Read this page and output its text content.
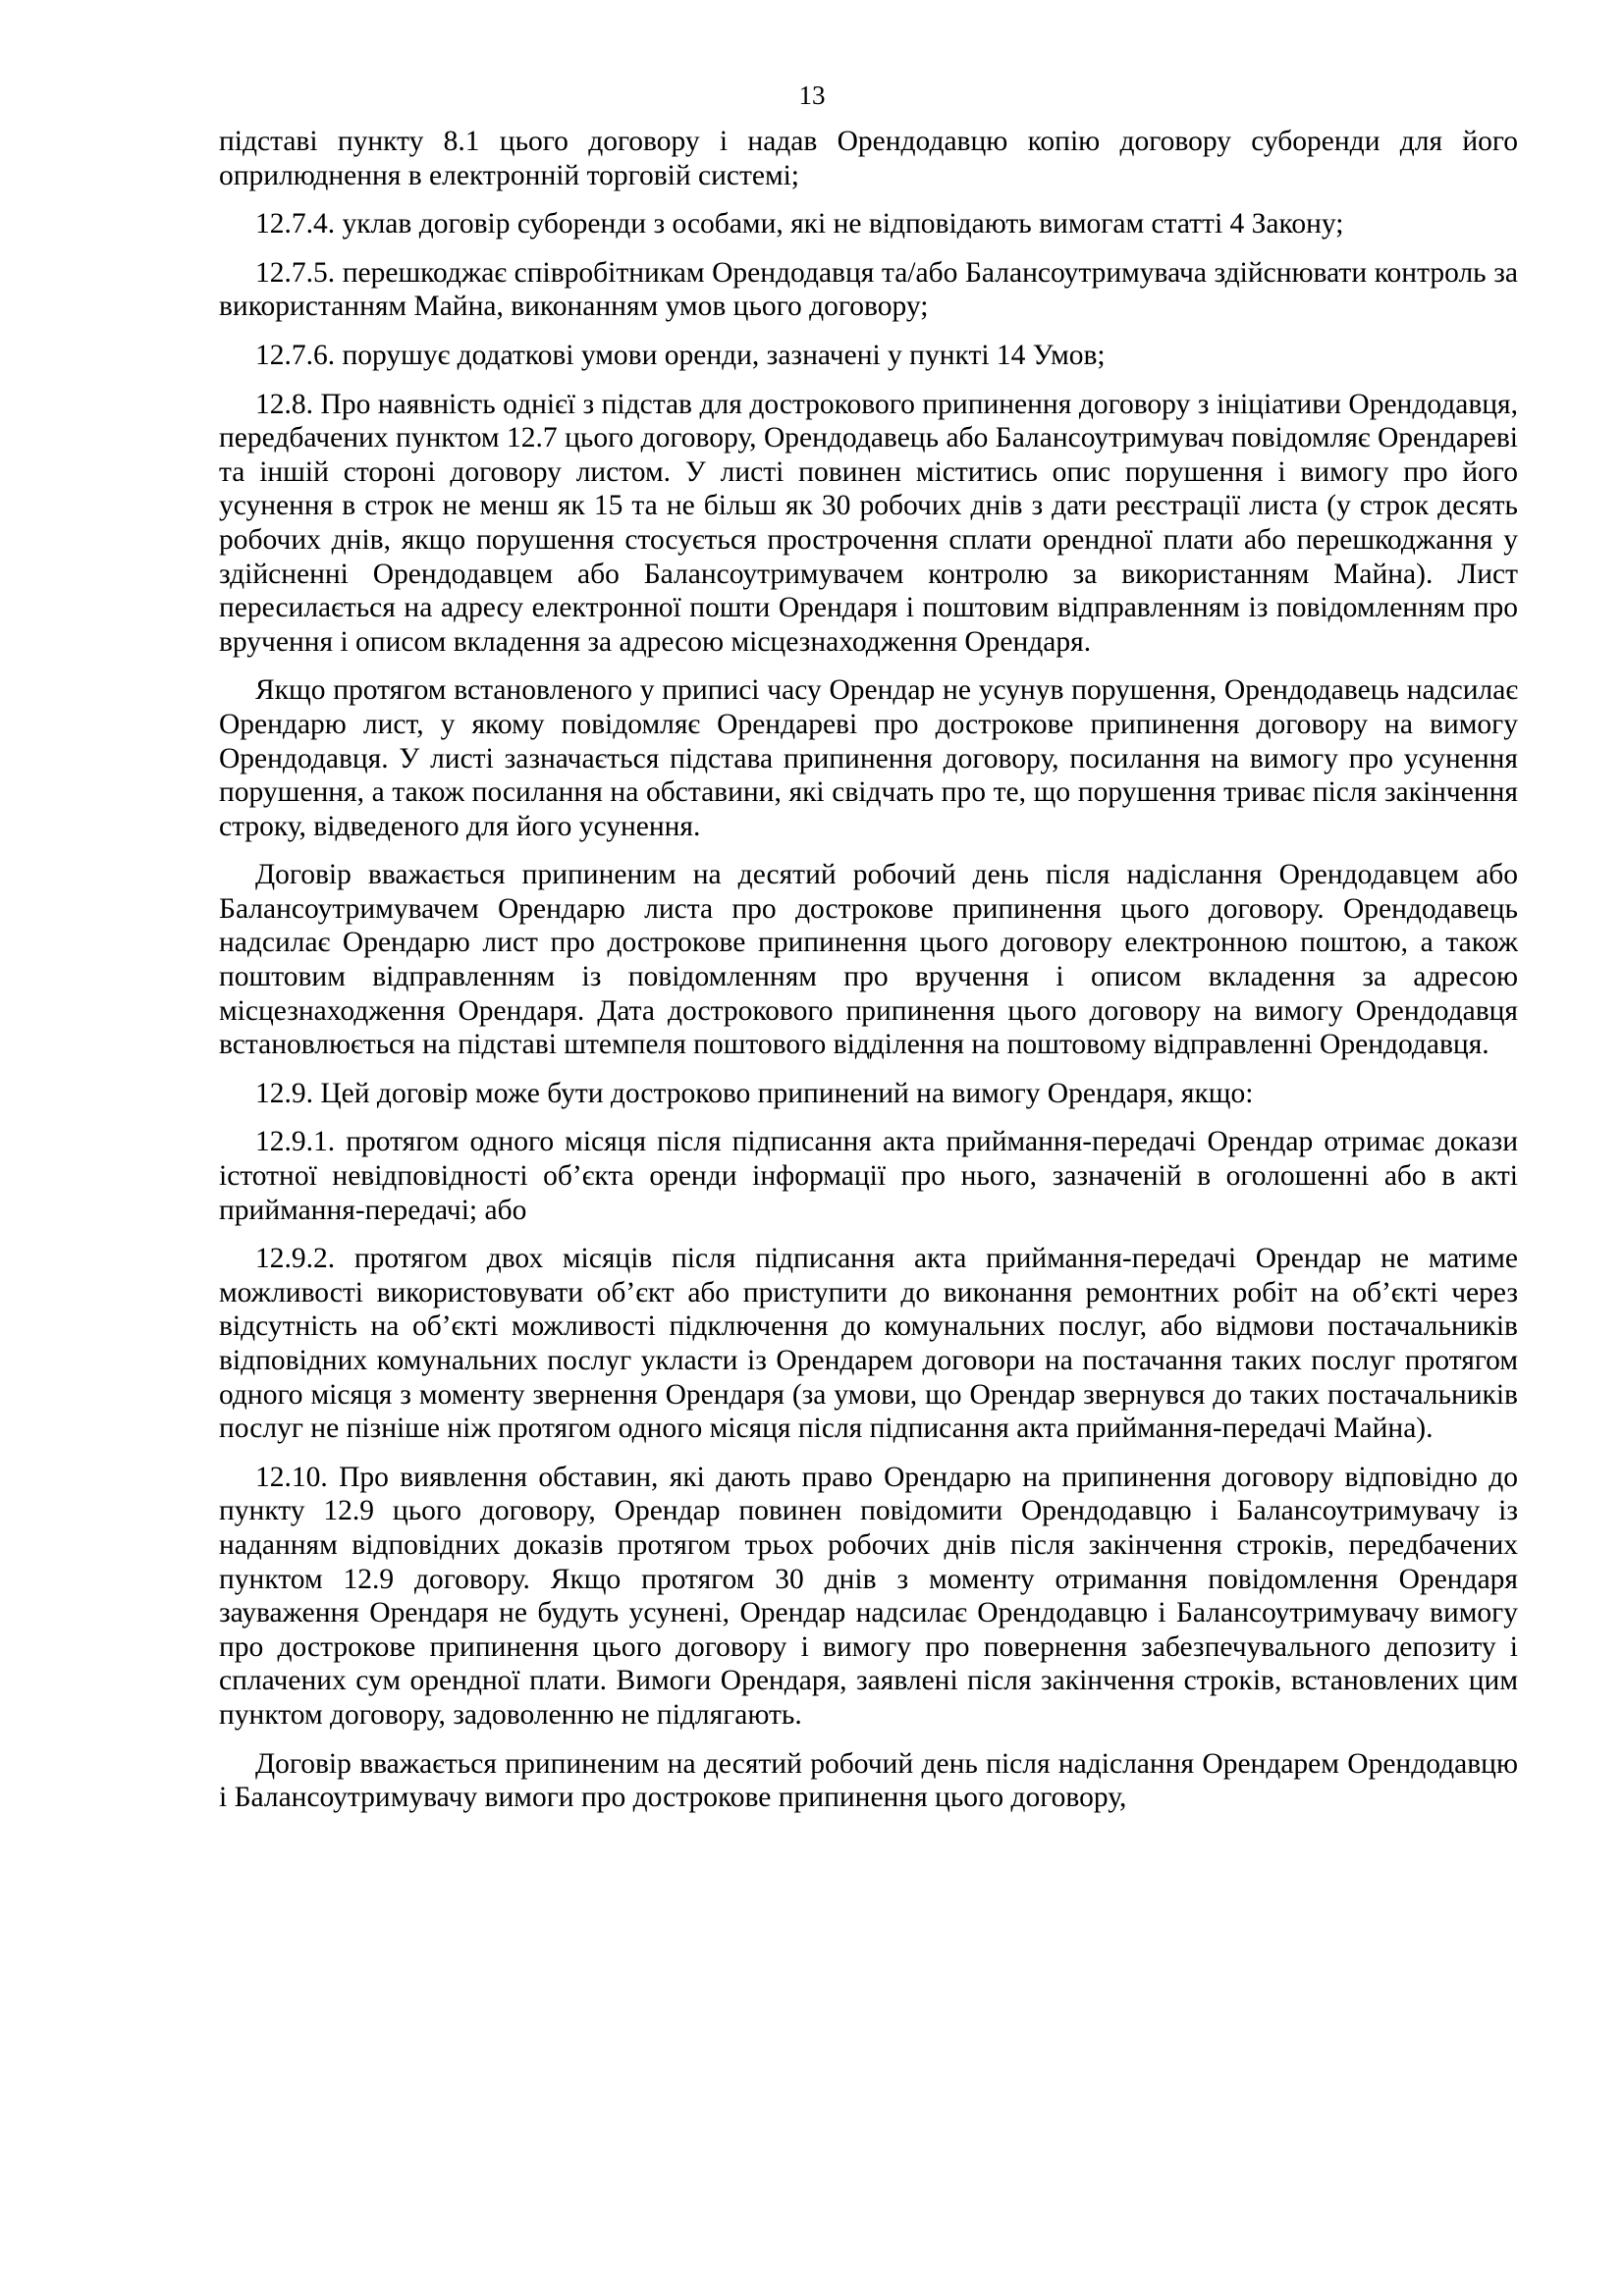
13

підставі пункту 8.1 цього договору і надав Орендодавцю копію договору суборенди для його оприлюднення в електронній торговій системі;

12.7.4. уклав договір суборенди з особами, які не відповідають вимогам статті 4 Закону;

12.7.5. перешкоджає співробітникам Орендодавця та/або Балансоутримувача здійснювати контроль за використанням Майна, виконанням умов цього договору;

12.7.6. порушує додаткові умови оренди, зазначені у пункті 14 Умов;

12.8. Про наявність однієї з підстав для дострокового припинення договору з ініціативи Орендодавця, передбачених пунктом 12.7 цього договору, Орендодавець або Балансоутримувач повідомляє Орендареві та іншій стороні договору листом. У листі повинен міститись опис порушення і вимогу про його усунення в строк не менш як 15 та не більш як 30 робочих днів з дати реєстрації листа (у строк десять робочих днів, якщо порушення стосується прострочення сплати орендної плати або перешкоджання у здійсненні Орендодавцем або Балансоутримувачем контролю за використанням Майна). Лист пересилається на адресу електронної пошти Орендаря і поштовим відправленням із повідомленням про вручення і описом вкладення за адресою місцезнаходження Орендаря.

Якщо протягом встановленого у приписі часу Орендар не усунув порушення, Орендодавець надсилає Орендарю лист, у якому повідомляє Орендареві про дострокове припинення договору на вимогу Орендодавця. У листі зазначається підстава припинення договору, посилання на вимогу про усунення порушення, а також посилання на обставини, які свідчать про те, що порушення триває після закінчення строку, відведеного для його усунення.

Договір вважається припиненим на десятий робочий день після надіслання Орендодавцем або Балансоутримувачем Орендарю листа про дострокове припинення цього договору. Орендодавець надсилає Орендарю лист про дострокове припинення цього договору електронною поштою, а також поштовим відправленням із повідомленням про вручення і описом вкладення за адресою місцезнаходження Орендаря. Дата дострокового припинення цього договору на вимогу Орендодавця встановлюється на підставі штемпеля поштового відділення на поштовому відправленні Орендодавця.

12.9. Цей договір може бути достроково припинений на вимогу Орендаря, якщо:

12.9.1. протягом одного місяця після підписання акта приймання-передачі Орендар отримає докази істотної невідповідності об’єкта оренди інформації про нього, зазначеній в оголошенні або в акті приймання-передачі; або

12.9.2. протягом двох місяців після підписання акта приймання-передачі Орендар не матиме можливості використовувати об’єкт або приступити до виконання ремонтних робіт на об’єкті через відсутність на об’єкті можливості підключення до комунальних послуг, або відмови постачальників відповідних комунальних послуг укласти із Орендарем договори на постачання таких послуг протягом одного місяця з моменту звернення Орендаря (за умови, що Орендар звернувся до таких постачальників послуг не пізніше ніж протягом одного місяця після підписання акта приймання-передачі Майна).

12.10. Про виявлення обставин, які дають право Орендарю на припинення договору відповідно до пункту 12.9 цього договору, Орендар повинен повідомити Орендодавцю і Балансоутримувачу із наданням відповідних доказів протягом трьох робочих днів після закінчення строків, передбачених пунктом 12.9 договору. Якщо протягом 30 днів з моменту отримання повідомлення Орендаря зауваження Орендаря не будуть усунені, Орендар надсилає Орендодавцю і Балансоутримувачу вимогу про дострокове припинення цього договору і вимогу про повернення забезпечувального депозиту і сплачених сум орендної плати. Вимоги Орендаря, заявлені після закінчення строків, встановлених цим пунктом договору, задоволенню не підлягають.

Договір вважається припиненим на десятий робочий день після надіслання Орендарем Орендодавцю і Балансоутримувачу вимоги про дострокове припинення цього договору,
